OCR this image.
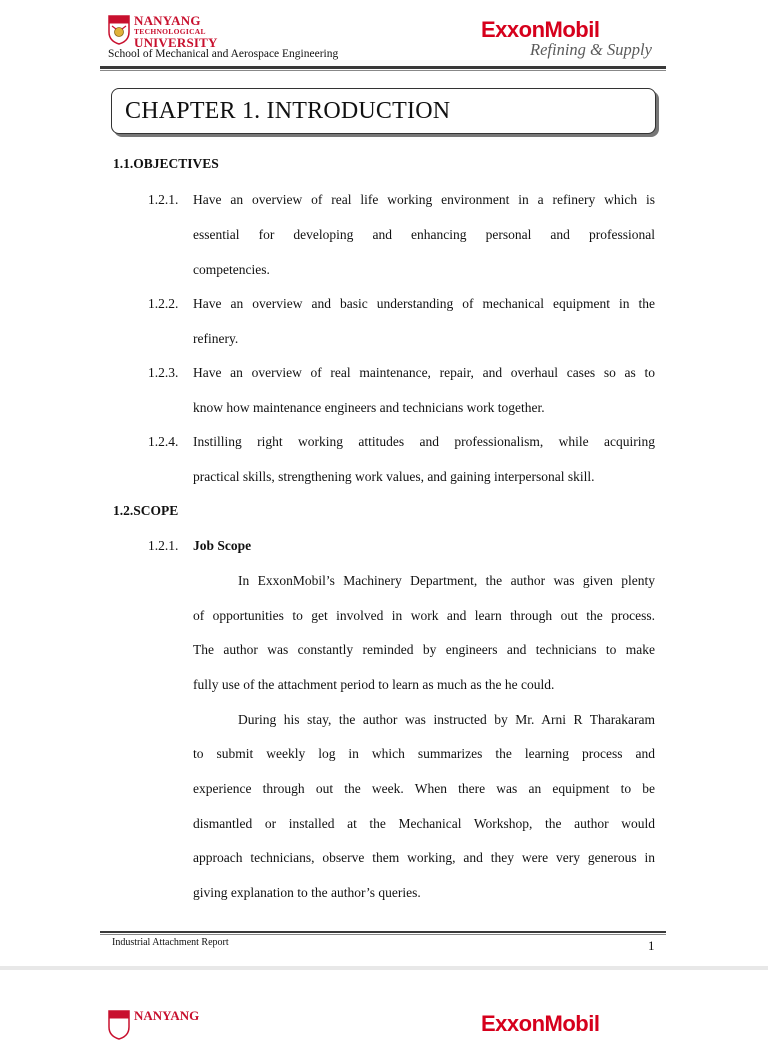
NANYANG
TECHNOLOGICAL
UNIVERSITY
School of Mechanical and Aerospace Engineering
ExxonMobil
Refining & Supply
CHAPTER 1. INTRODUCTION
1.1.OBJECTIVES
1.2.1. Have an overview of real life working environment in a refinery which is
essential for developing and enhancing personal and professional
competencies.
1.2.2. Have an overview and basic understanding of mechanical equipment in the
refinery.
1.2.3. Have an overview of real maintenance, repair, and overhaul cases so as to
know how maintenance engineers and technicians work together.
1.2.4. Instilling right working attitudes and professionalism, while acquiring
practical skills, strengthening work values, and gaining interpersonal skill.
1.2.SCOPE
1.2.1. Job Scope
In ExxonMobil’s Machinery Department, the author was given plenty
of opportunities to get involved in work and learn through out the process.
The author was constantly reminded by engineers and technicians to make
fully use of the attachment period to learn as much as the he could.
During his stay, the author was instructed by Mr. Arni R Tharakaram
to submit weekly log in which summarizes the learning process and
experience through out the week. When there was an equipment to be
dismantled or installed at the Mechanical Workshop, the author would
approach technicians, observe them working, and they were very generous in
giving explanation to the author’s queries.
Industrial Attachment Report	1
NANYANG	ExxonMobil
